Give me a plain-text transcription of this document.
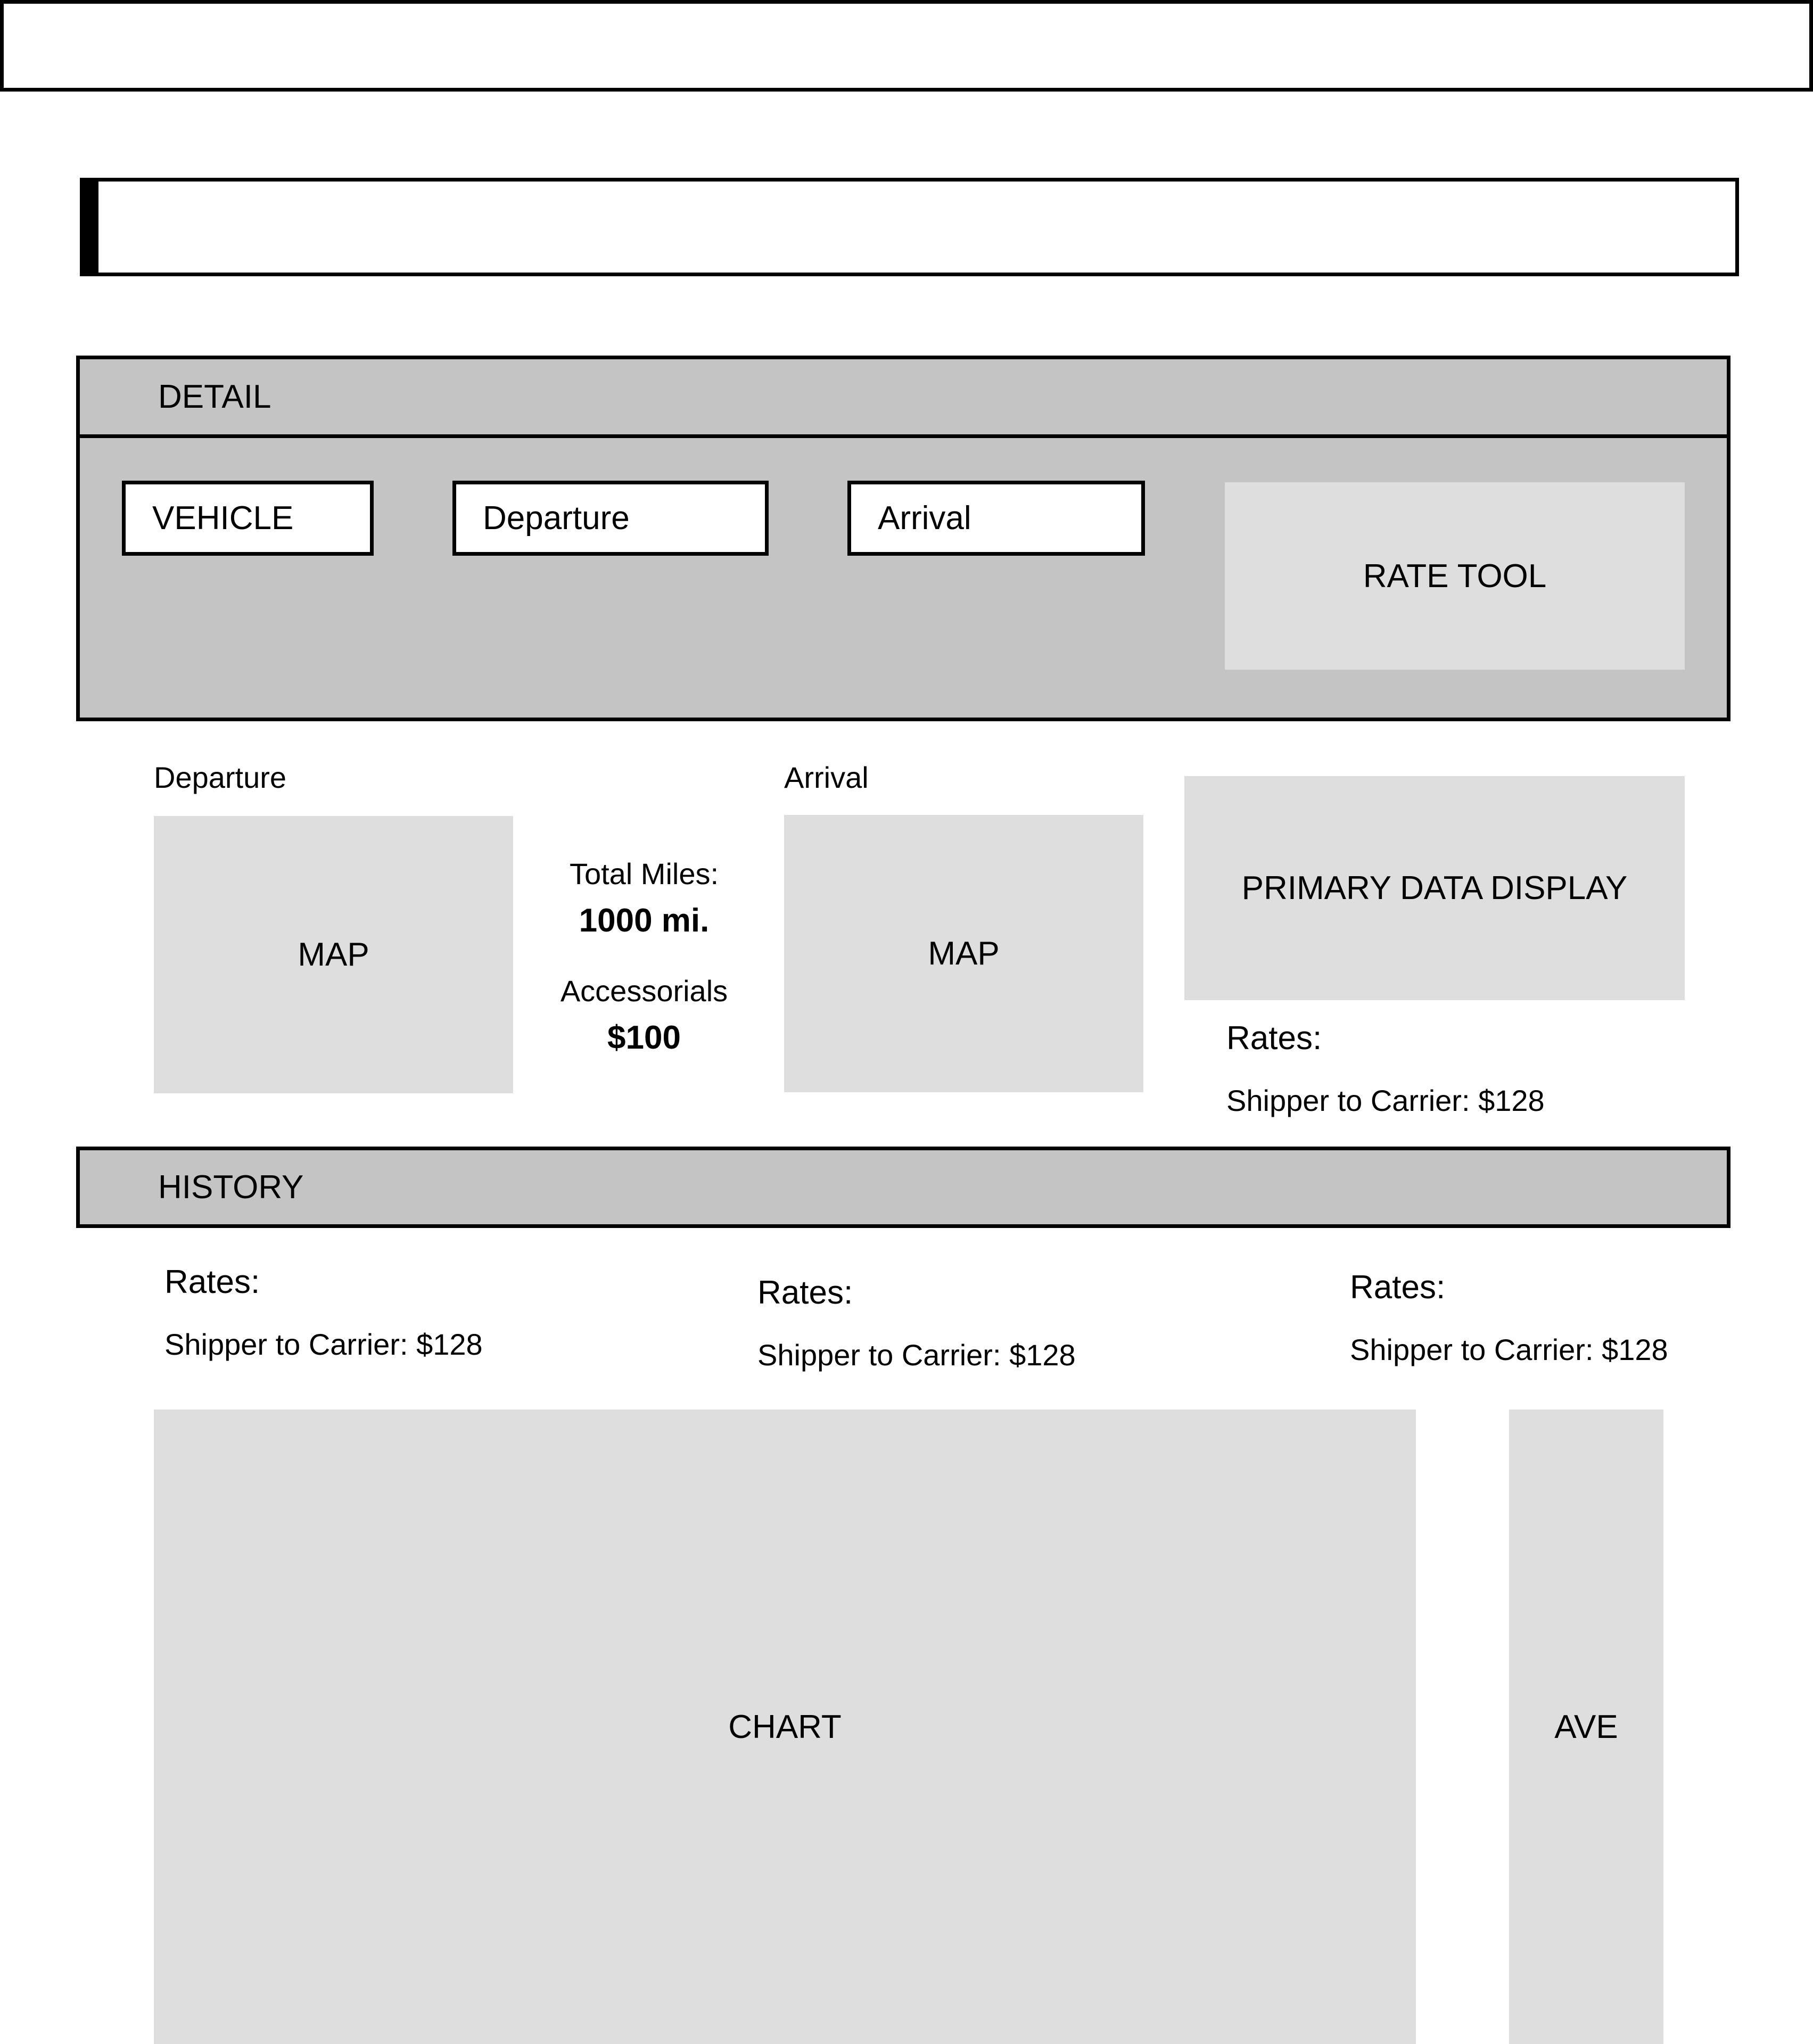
DETAIL
VEHICLE	Departure	Arrival
RATE TOOL
Departure	Arrival
MAP
Total Miles:
1000 mi.
Accessorials
$100
MAP
PRIMARY DATA DISPLAY
Rates:
Shipper to Carrier: $128
HISTORY
Rates:
Shipper to Carrier: $128
Rates:
Shipper to Carrier: $128
Rates:
Shipper to Carrier: $128
CHART	AVE
